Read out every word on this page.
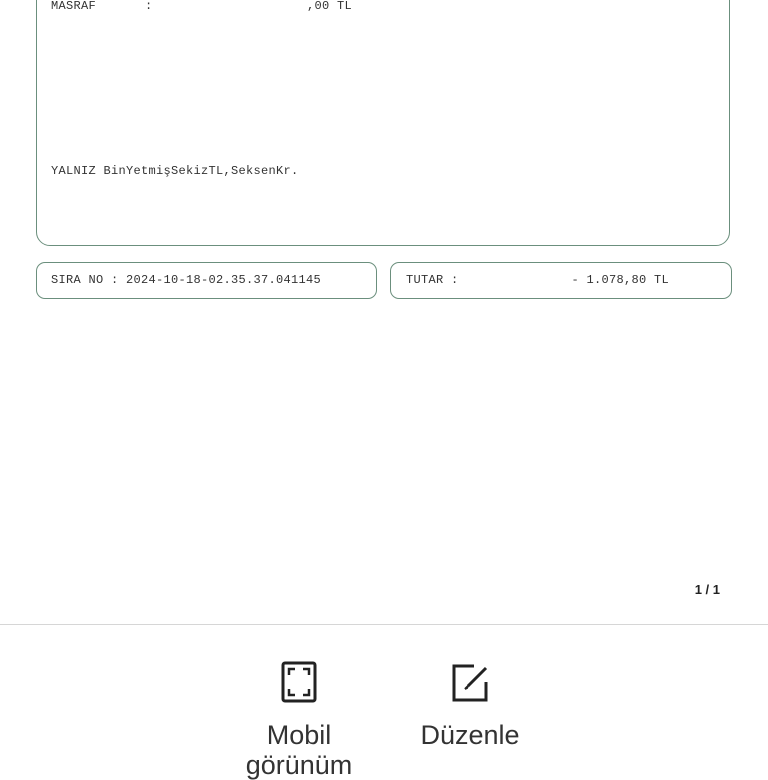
MASRAF	:	,00 TL
YALNIZ BinYetmişSekizTL,SeksenKr.
SIRA NO : 2024-10-18-02.35.37.041145	TUTAR :	- 1.078,80 TL
1 / 1
Mobil görünüm
Düzenle
